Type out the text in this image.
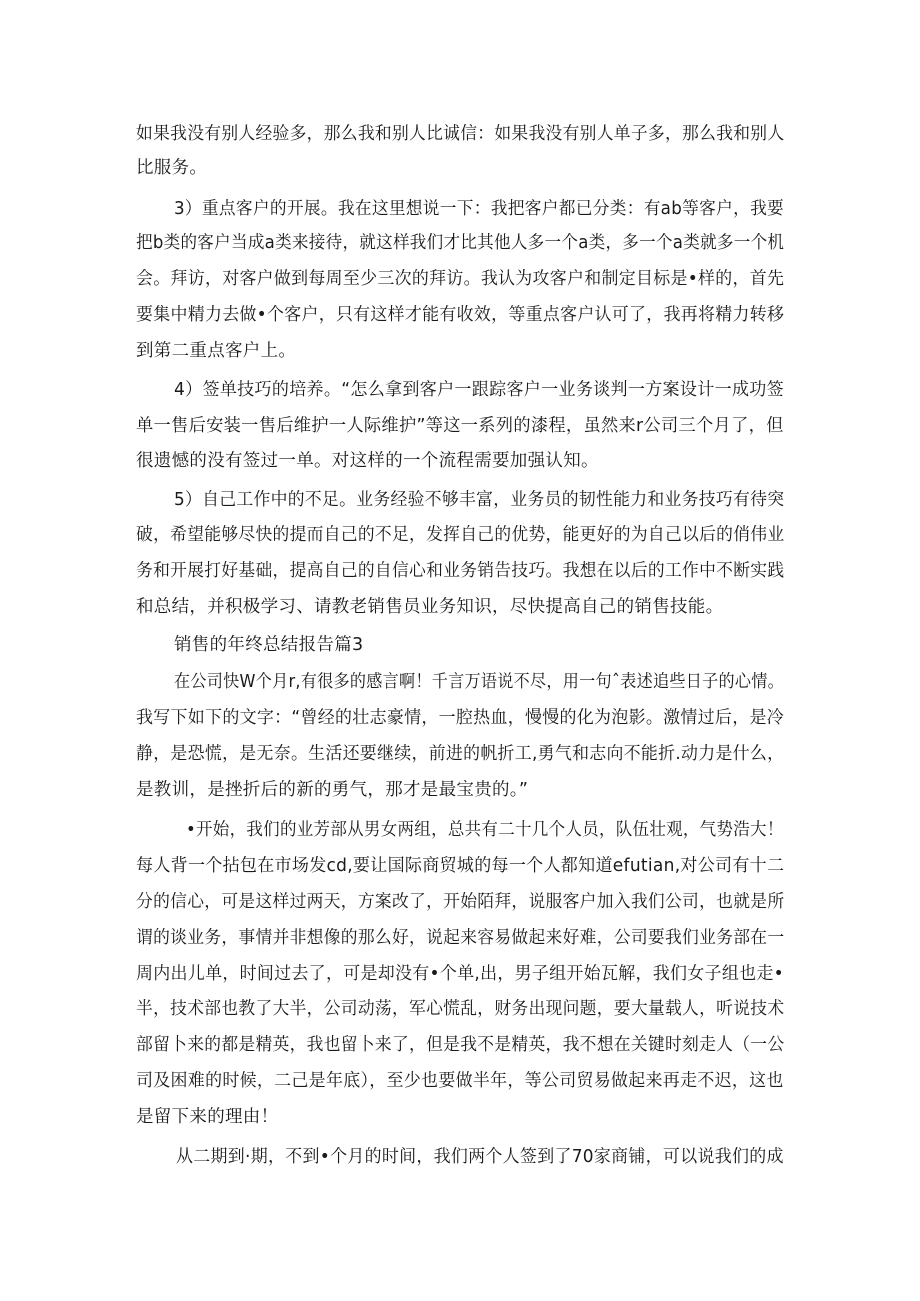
如果我没有别人经验多，那么我和别人比诚信：如果我没有别人单子多，那么我和别人
比服务。
3）重点客户的开展。我在这里想说一下：我把客户都已分类：有ab等客户，我要
把b类的客户当成a类来接待，就这样我们才比其他人多一个a类，多一个a类就多一个机
会。拜访，对客户做到每周至少三次的拜访。我认为攻客户和制定目标是•样的，首先
要集中精力去做•个客户，只有这样才能有收效，等重点客户认可了，我再将精力转移
到第二重点客户上。
4）签单技巧的培养。“怎么拿到客户一跟踪客户一业务谈判一方案设计一成功签
单一售后安装一售后维护一人际维护”等这一系列的漆程，虽然来r公司三个月了，但
很遗憾的没有签过一单。对这样的一个流程需要加强认知。
5）自己工作中的不足。业务经验不够丰富，业务员的韧性能力和业务技巧有待突
破，希望能够尽快的提而自己的不足，发挥自己的优势，能更好的为自己以后的俏伟业
务和开展打好基础，提高自己的自信心和业务销告技巧。我想在以后的工作中不断实践
和总结，并积极学习、请教老销售员业务知识，尽快提高自己的销售技能。
销售的年终总结报告篇3
在公司快W个月r,有很多的感言啊！千言万语说不尽，用一句ˆ表述追些日子的心情。
我写下如下的文字：“曾经的壮志豪情，一腔热血，慢慢的化为泡影。激情过后，是冷
静，是恐慌，是无奈。生活还要继续，前进的帆折工,勇气和志向不能折.动力是什么，
是教训，是挫折后的新的勇气，那才是最宝贵的。”
•开始，我们的业芳部从男女两组，总共有二十几个人员，队伍壮观，气势浩大！
每人背一个拈包在市场发cd,要让国际商贸城的每一个人都知道efutian,对公司有十二
分的信心，可是这样过两天，方案改了，开始陌拜，说服客户加入我们公司，也就是所
谓的谈业务，事情并非想像的那么好，说起来容易做起来好难，公司要我们业务部在一
周内出儿单，时间过去了，可是却没有•个单,出，男子组开始瓦解，我们女子组也走•
半，技术部也教了大半，公司动荡，军心慌乱，财务出现问题，要大量载人，听说技术
部留卜来的都是精英，我也留卜来了，但是我不是精英，我不想在关键时刻走人（一公
司及困难的时候，二己是年底），至少也要做半年，等公司贸易做起来再走不迟，这也
是留下来的理由！
从二期到·期，不到•个月的时间，我们两个人签到了70家商铺，可以说我们的成
